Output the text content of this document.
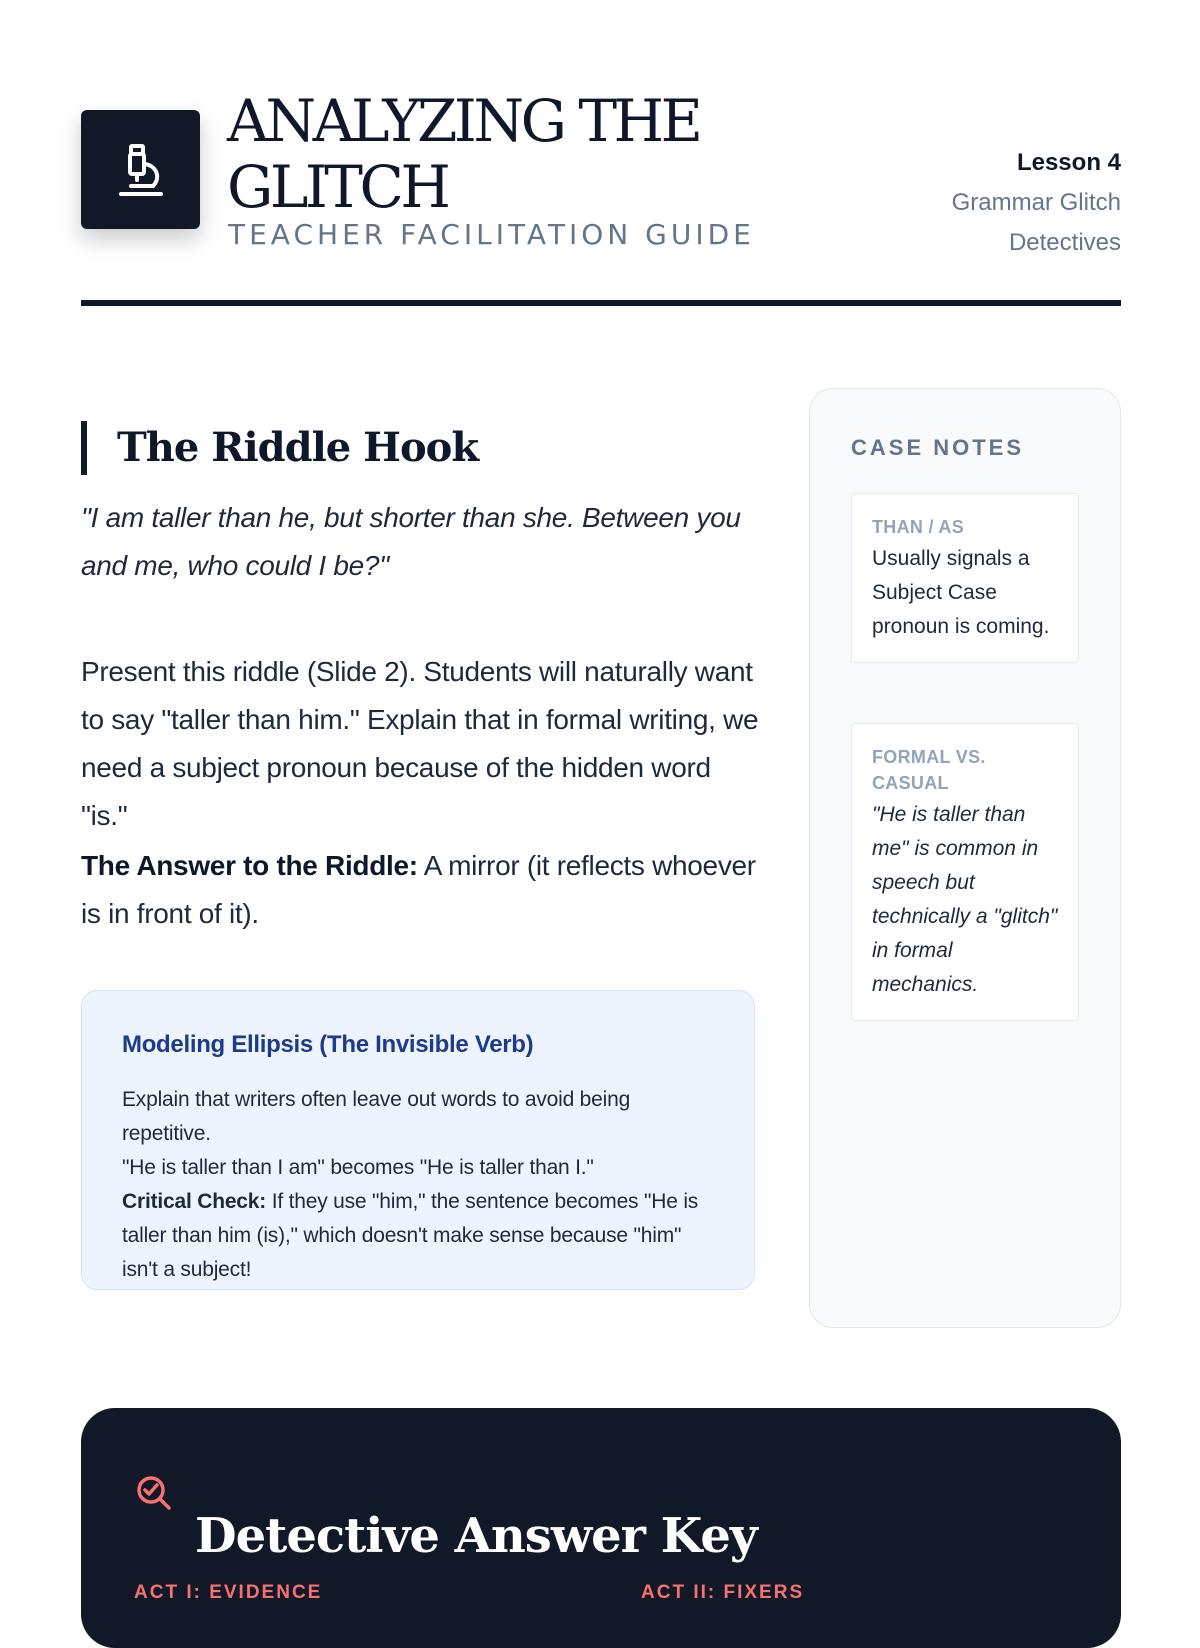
ANALYZING THE
GLITCH
TEACHER FACILITATION GUIDE
Lesson 4
Grammar Glitch Detectives
The Riddle Hook

"I am taller than he, but shorter than she. Between you and me, who could I be?"

Present this riddle (Slide 2). Students will naturally want to say "taller than him." Explain that in formal writing, we need a subject pronoun because of the hidden word "is."

The Answer to the Riddle: A mirror (it reflects whoever is in front of it).

Modeling Ellipsis (The Invisible Verb)

Explain that writers often leave out words to avoid being repetitive.
"He is taller than I am" becomes "He is taller than I."
Critical Check: If they use "him," the sentence becomes "He is taller than him (is)," which doesn't make sense because "him" isn't a subject!

CASE NOTES
THAN / AS

Usually signals a Subject Case pronoun is coming.

FORMAL VS. CASUAL

"He is taller than me" is common in speech but technically a "glitch" in formal mechanics.

Detective Answer Key
ACT I: EVIDENCE	ACT II: FIXERS
